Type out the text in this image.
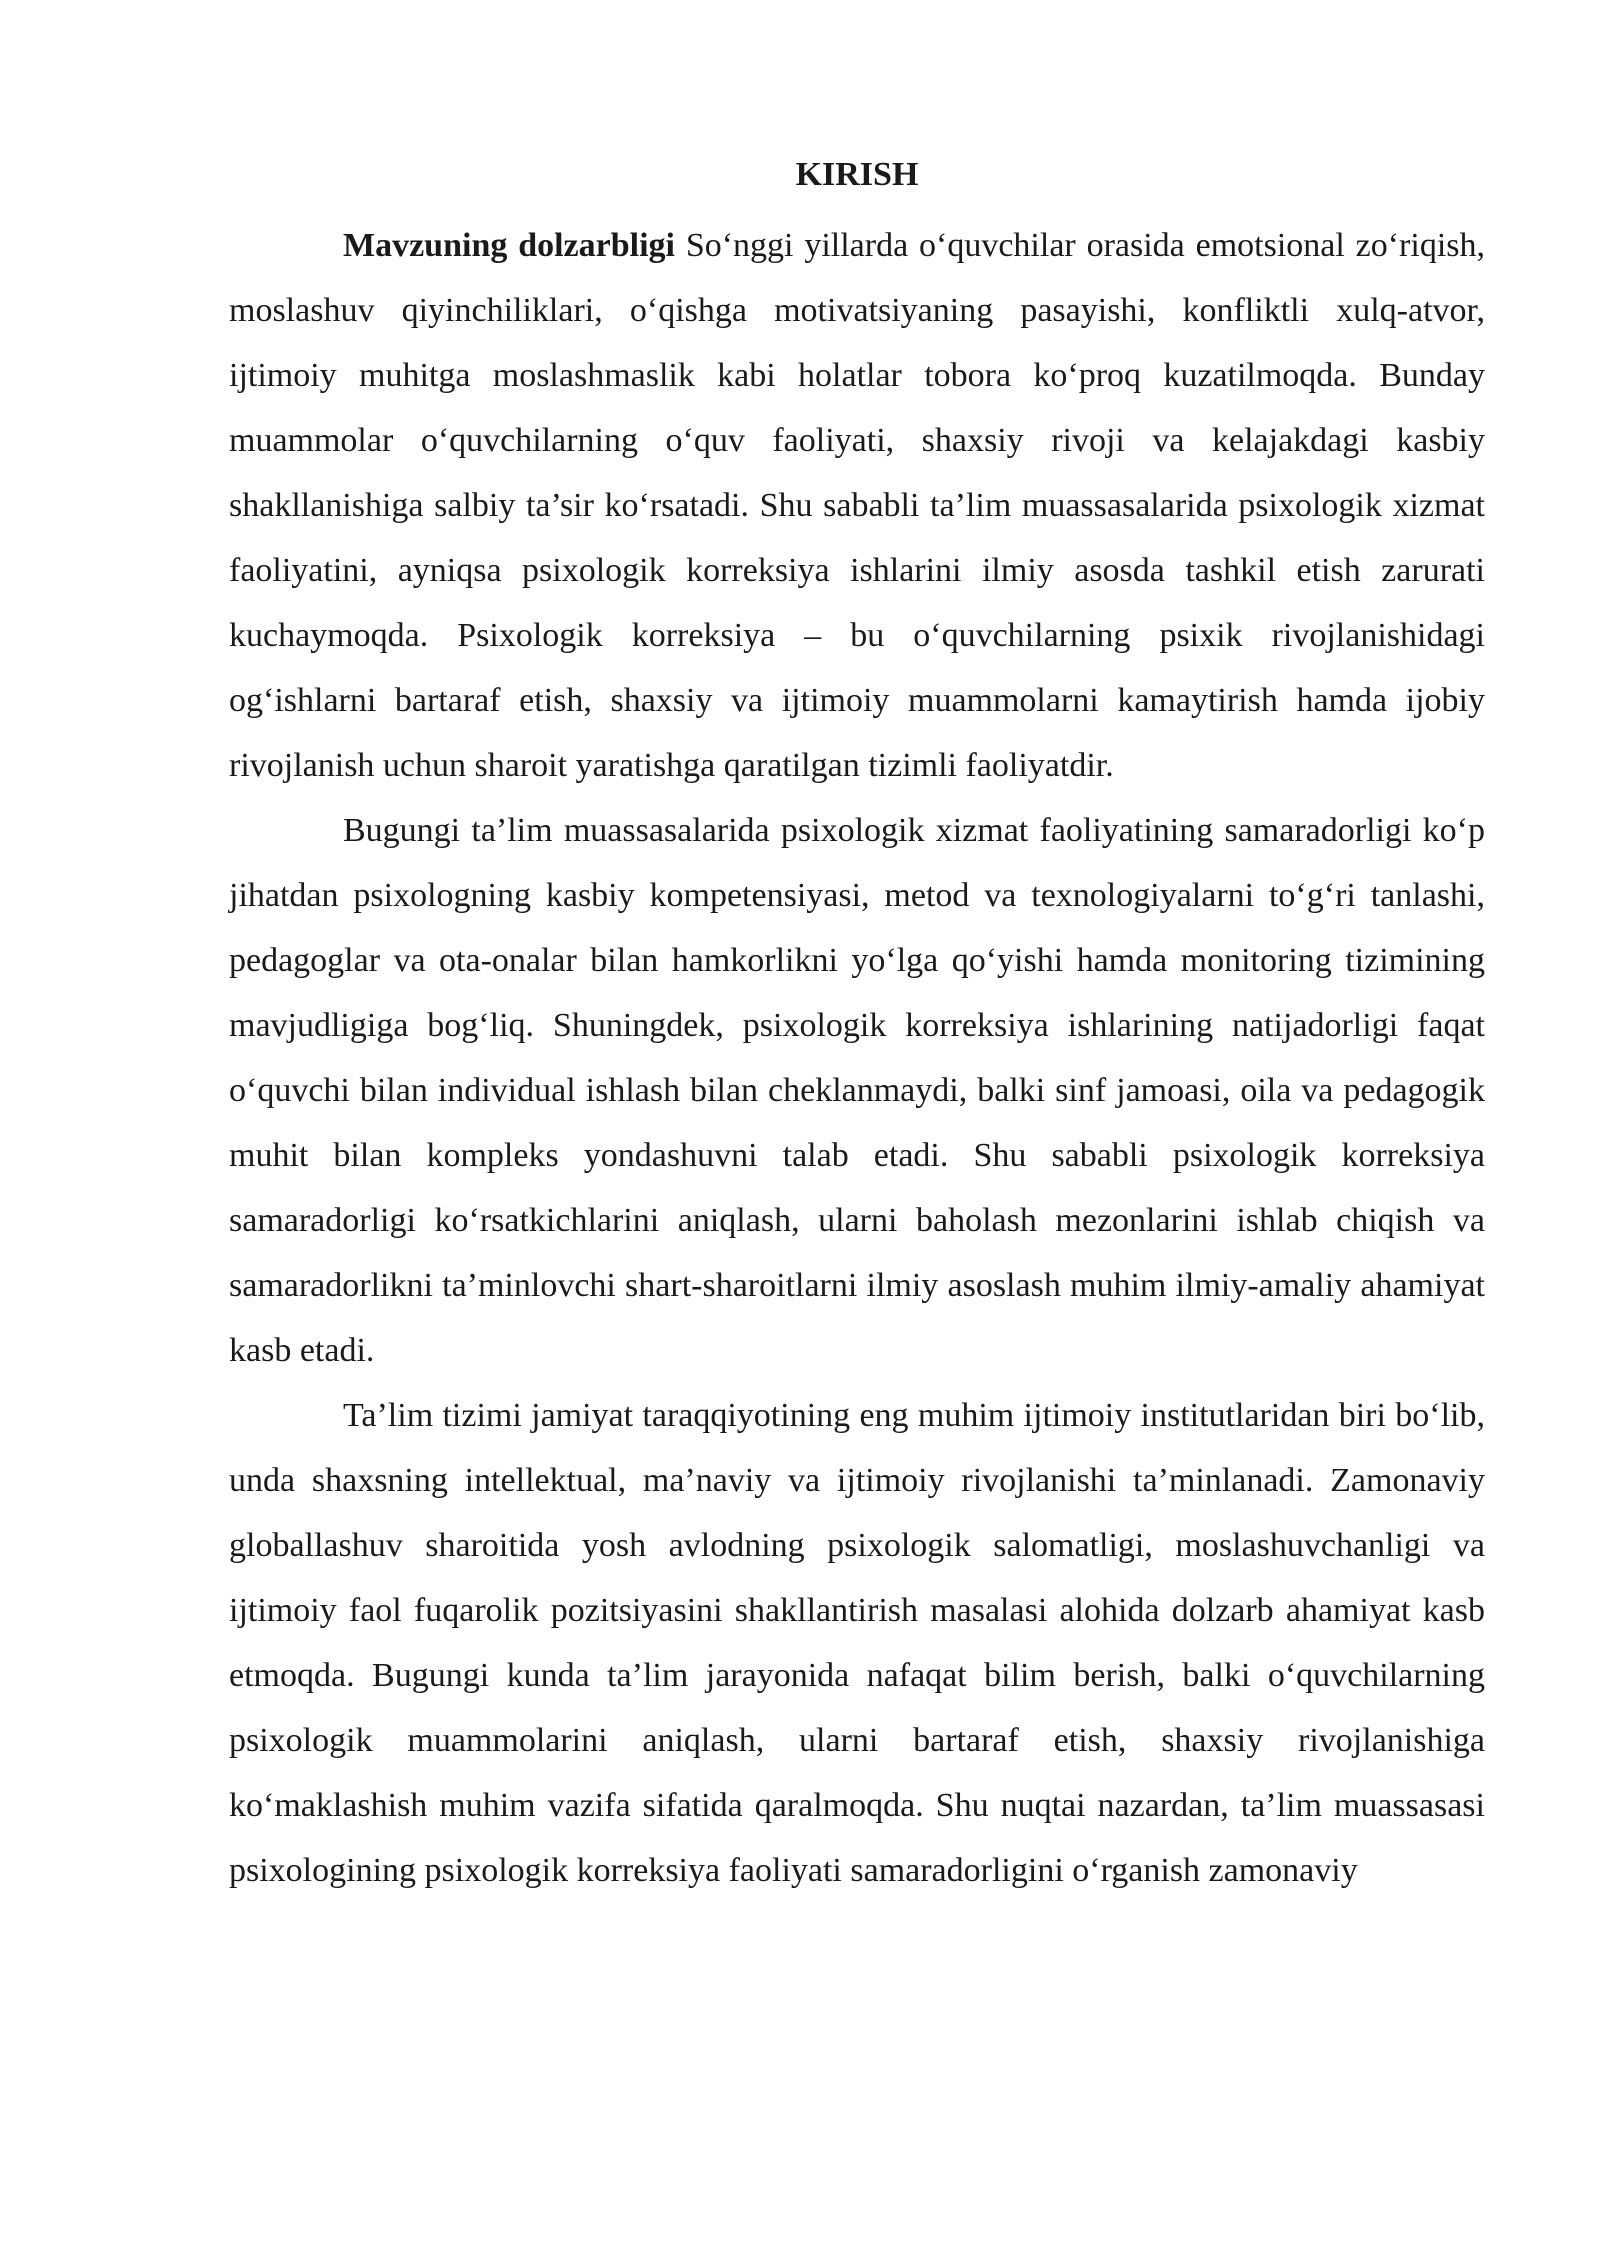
KIRISH

Mavzuning dolzarbligi So‘nggi yillarda o‘quvchilar orasida emotsional zo‘riqish, moslashuv qiyinchiliklari, o‘qishga motivatsiyaning pasayishi, konfliktli xulq-atvor, ijtimoiy muhitga moslashmaslik kabi holatlar tobora ko‘proq kuzatilmoqda. Bunday muammolar o‘quvchilarning o‘quv faoliyati, shaxsiy rivoji va kelajakdagi kasbiy shakllanishiga salbiy ta’sir ko‘rsatadi. Shu sababli ta’lim muassasalarida psixologik xizmat faoliyatini, ayniqsa psixologik korreksiya ishlarini ilmiy asosda tashkil etish zarurati kuchaymoqda. Psixologik korreksiya – bu o‘quvchilarning psixik rivojlanishidagi og‘ishlarni bartaraf etish, shaxsiy va ijtimoiy muammolarni kamaytirish hamda ijobiy rivojlanish uchun sharoit yaratishga qaratilgan tizimli faoliyatdir.

Bugungi ta’lim muassasalarida psixologik xizmat faoliyatining samaradorligi ko‘p jihatdan psixologning kasbiy kompetensiyasi, metod va texnologiyalarni to‘g‘ri tanlashi, pedagoglar va ota-onalar bilan hamkorlikni yo‘lga qo‘yishi hamda monitoring tizimining mavjudligiga bog‘liq. Shuningdek, psixologik korreksiya ishlarining natijadorligi faqat o‘quvchi bilan individual ishlash bilan cheklanmaydi, balki sinf jamoasi, oila va pedagogik muhit bilan kompleks yondashuvni talab etadi. Shu sababli psixologik korreksiya samaradorligi ko‘rsatkichlarini aniqlash, ularni baholash mezonlarini ishlab chiqish va samaradorlikni ta’minlovchi shart-sharoitlarni ilmiy asoslash muhim ilmiy-amaliy ahamiyat kasb etadi.

Ta’lim tizimi jamiyat taraqqiyotining eng muhim ijtimoiy institutlaridan biri bo‘lib, unda shaxsning intellektual, ma’naviy va ijtimoiy rivojlanishi ta’minlanadi. Zamonaviy globallashuv sharoitida yosh avlodning psixologik salomatligi, moslashuvchanligi va ijtimoiy faol fuqarolik pozitsiyasini shakllantirish masalasi alohida dolzarb ahamiyat kasb etmoqda. Bugungi kunda ta’lim jarayonida nafaqat bilim berish, balki o‘quvchilarning psixologik muammolarini aniqlash, ularni bartaraf etish, shaxsiy rivojlanishiga ko‘maklashish muhim vazifa sifatida qaralmoqda. Shu nuqtai nazardan, ta’lim muassasasi psixologining psixologik korreksiya faoliyati samaradorligini o‘rganish zamonaviy
